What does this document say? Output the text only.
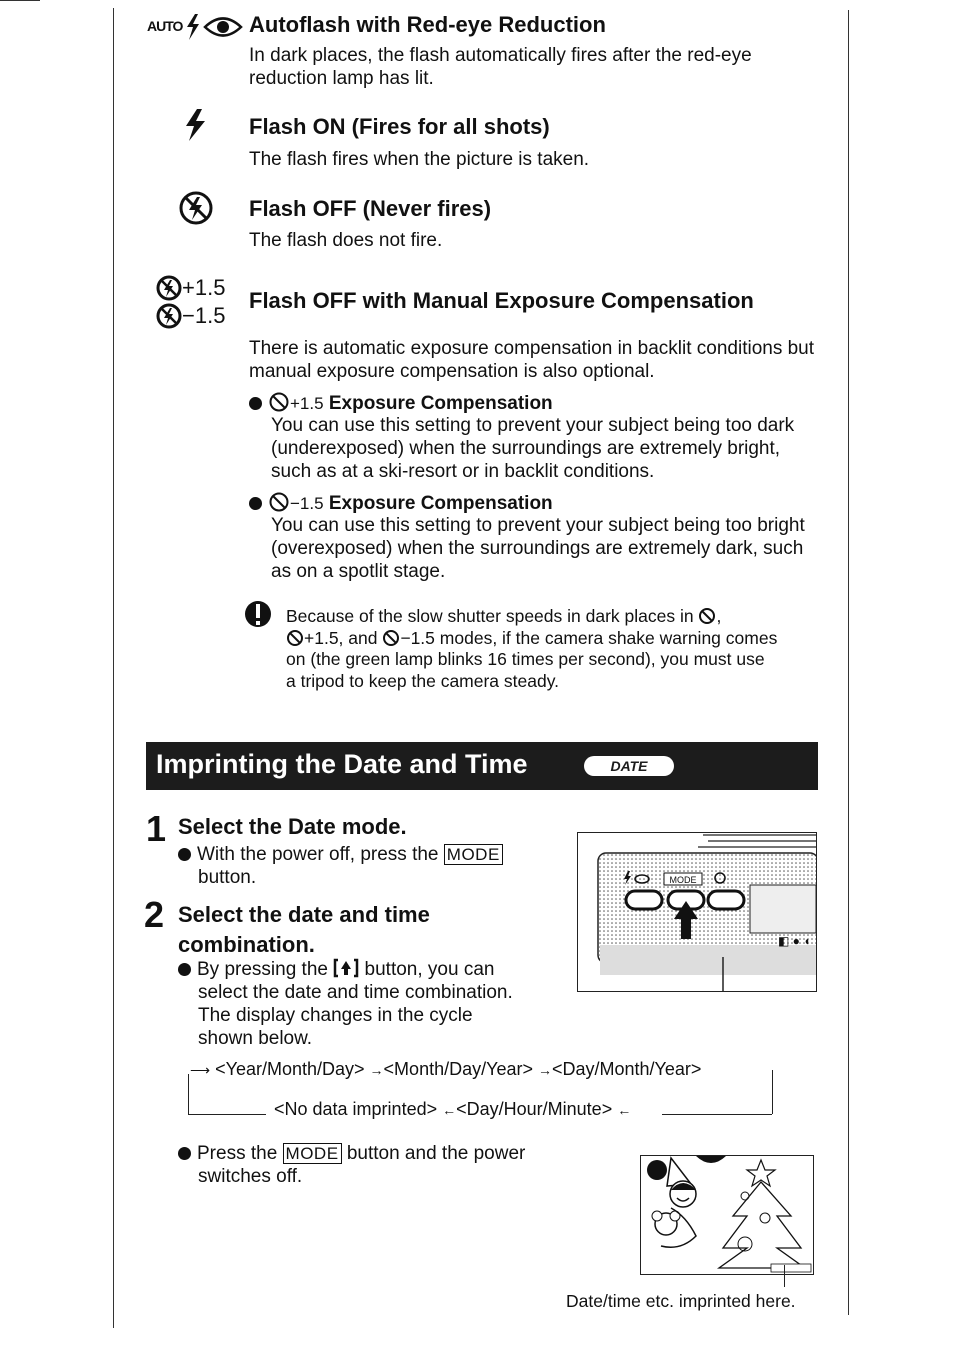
AUTO	Autoflash with Red-eye Reduction
In dark places, the flash automatically fires after the red-eye reduction lamp has lit.
Flash ON (Fires for all shots)
The flash fires when the picture is taken.
Flash OFF (Never fires)
The flash does not fire.
+1.5
−1.5
Flash OFF with Manual Exposure Compensation
There is automatic exposure compensation in backlit conditions but manual exposure compensation is also optional.
+1.5 Exposure Compensation
You can use this setting to prevent your subject being too dark (underexposed) when the surroundings are extremely bright, such as at a ski-resort or in backlit conditions.
−1.5 Exposure Compensation
You can use this setting to prevent your subject being too bright (overexposed) when the surroundings are extremely dark, such as on a spotlit stage.
Because of the slow shutter speeds in dark places in ,
+1.5, and −1.5 modes, if the camera shake warning comes
on (the green lamp blinks 16 times per second), you must use
a tripod to keep the camera steady.
Imprinting the Date and Time	DATE
1 Select the Date mode.
With the power off, press the MODE
button.
2 Select the date and time
combination.
By pressing the button, you can
select the date and time combination.
The display changes in the cycle
shown below.
MODE
◧ ● ◖
⟶ <Year/Month/Day> →<Month/Day/Year> →<Day/Month/Year>
<No data imprinted> ←<Day/Hour/Minute> ←
Press the MODE button and the power
switches off.
Date/time etc. imprinted here.
